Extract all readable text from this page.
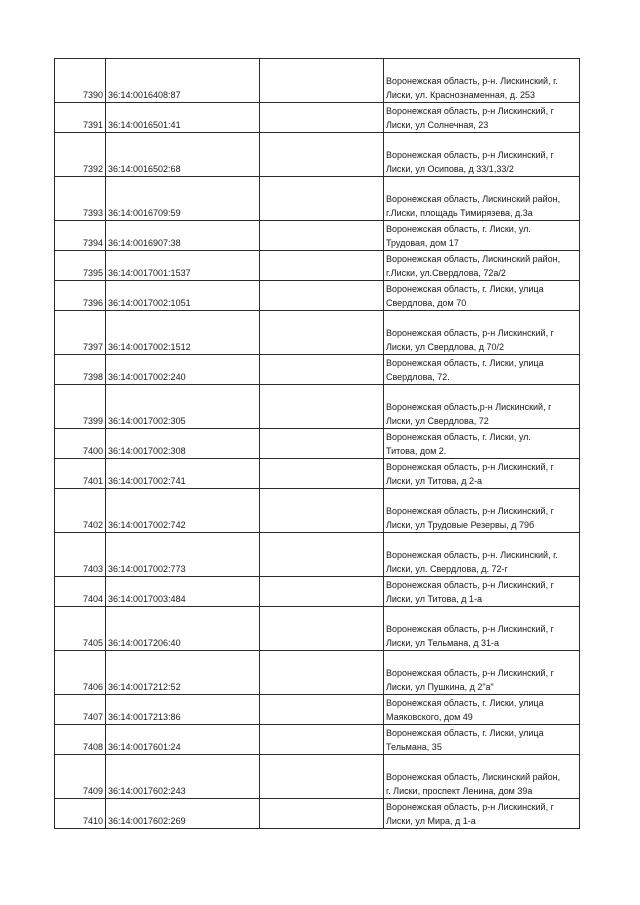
7390	36:14:0016408:87		Воронежская область, р-н. Лискинский, г.
Лиски, ул. Краснознаменная, д. 253
7391	36:14:0016501:41		Воронежская область, р-н Лискинский, г
Лиски, ул Солнечная, 23
7392	36:14:0016502:68		Воронежская область, р-н Лискинский, г
Лиски, ул Осипова, д 33/1,33/2
7393	36:14:0016709:59		Воронежская область, Лискинский район,
г.Лиски, площадь Тимирязева, д.3а
7394	36:14:0016907:38		Воронежская область, г. Лиски, ул.
Трудовая, дом 17
7395	36:14:0017001:1537		Воронежская область, Лискинский район,
г.Лиски, ул.Свердлова, 72а/2
7396	36:14:0017002:1051		Воронежская область, г. Лиски, улица
Свердлова, дом 70
7397	36:14:0017002:1512		Воронежская область, р-н Лискинский, г
Лиски, ул Свердлова, д 70/2
7398	36:14:0017002:240		Воронежская область, г. Лиски, улица
Свердлова, 72.
7399	36:14:0017002:305		Воронежская область,р-н Лискинский, г
Лиски, ул Свердлова, 72
7400	36:14:0017002:308		Воронежская область, г. Лиски, ул.
Титова, дом 2.
7401	36:14:0017002:741		Воронежская область, р-н Лискинский, г
Лиски, ул Титова, д 2-а
7402	36:14:0017002:742		Воронежская область, р-н Лискинский, г
Лиски, ул Трудовые Резервы, д 79б
7403	36:14:0017002:773		Воронежская область, р-н. Лискинский, г.
Лиски, ул. Свердлова, д. 72-г
7404	36:14:0017003:484		Воронежская область, р-н Лискинский, г
Лиски, ул Титова, д 1-а
7405	36:14:0017206:40		Воронежская область, р-н Лискинский, г
Лиски, ул Тельмана, д 31-а
7406	36:14:0017212:52		Воронежская область, р-н Лискинский, г
Лиски, ул Пушкина, д 2"а"
7407	36:14:0017213:86		Воронежская область, г. Лиски, улица
Маяковского, дом 49
7408	36:14:0017601:24		Воронежская область, г. Лиски, улица
Тельмана, 35
7409	36:14:0017602:243		Воронежская область, Лискинский район,
г. Лиски, проспект Ленина, дом 39а
7410	36:14:0017602:269		Воронежская область, р-н Лискинский, г
Лиски, ул Мира, д 1-а
